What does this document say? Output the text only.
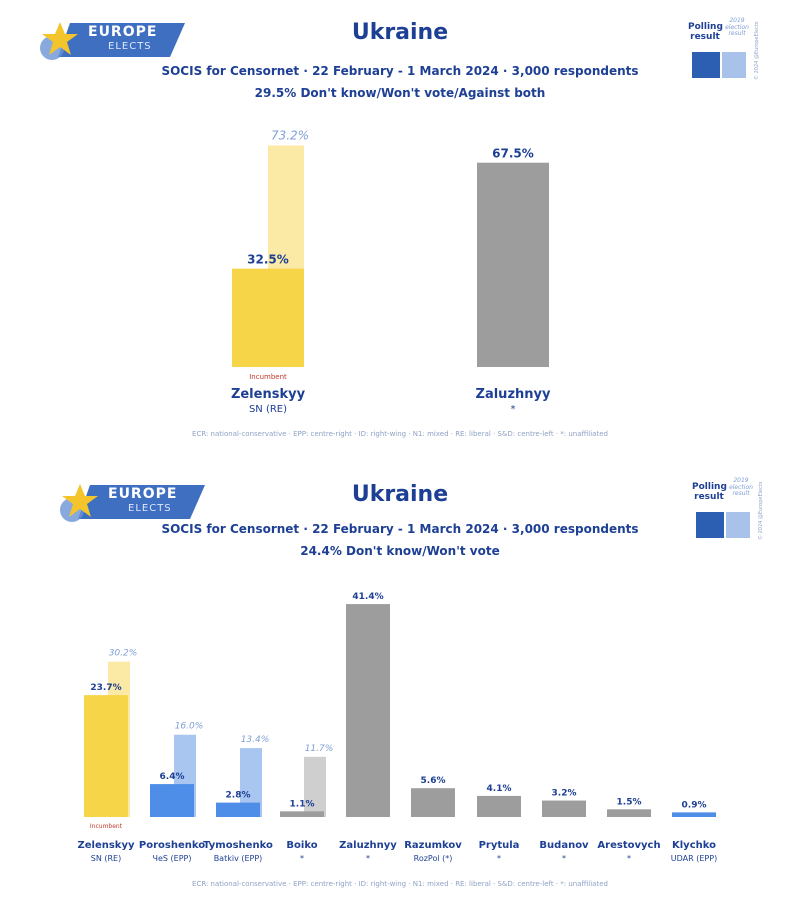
EUROPE
ELECTS
Ukraine
SOCIS for Censornet · 22 February - 1 March 2024 · 3,000 respondents
29.5% Don't know/Won't vote/Against both
Polling result
2019 election result	© 2024 @EuropeElects
73.2%
32.5%
Zelenskyy
SN (RE)
Incumbent
67.5%
Zaluzhnyy
*
ECR: national-conservative · EPP: centre-right · ID: right-wing · N1: mixed · RE: liberal · S&D: centre-left · *: unaffiliated
EUROPE
ELECTS
Ukraine
SOCIS for Censornet · 22 February - 1 March 2024 · 3,000 respondents
24.4% Don't know/Won't vote
Polling result
2019 election result	© 2024 @EuropeElects
30.2%
23.7%
Zelenskyy
SN (RE)
Incumbent
16.0%
6.4%
Poroshenko
ЧеS (EPP)
13.4%
2.8%
Tymoshenko
Batkiv (EPP)
11.7%
1.1%
Boiko
*
41.4%
Zaluzhnyy
*
5.6%
Razumkov
RozPol (*)
4.1%
Prytula
*
3.2%
Budanov
*
1.5%
Arestovych
*
0.9%
Klychko
UDAR (EPP)
ECR: national-conservative · EPP: centre-right · ID: right-wing · N1: mixed · RE: liberal · S&D: centre-left · *: unaffiliated
